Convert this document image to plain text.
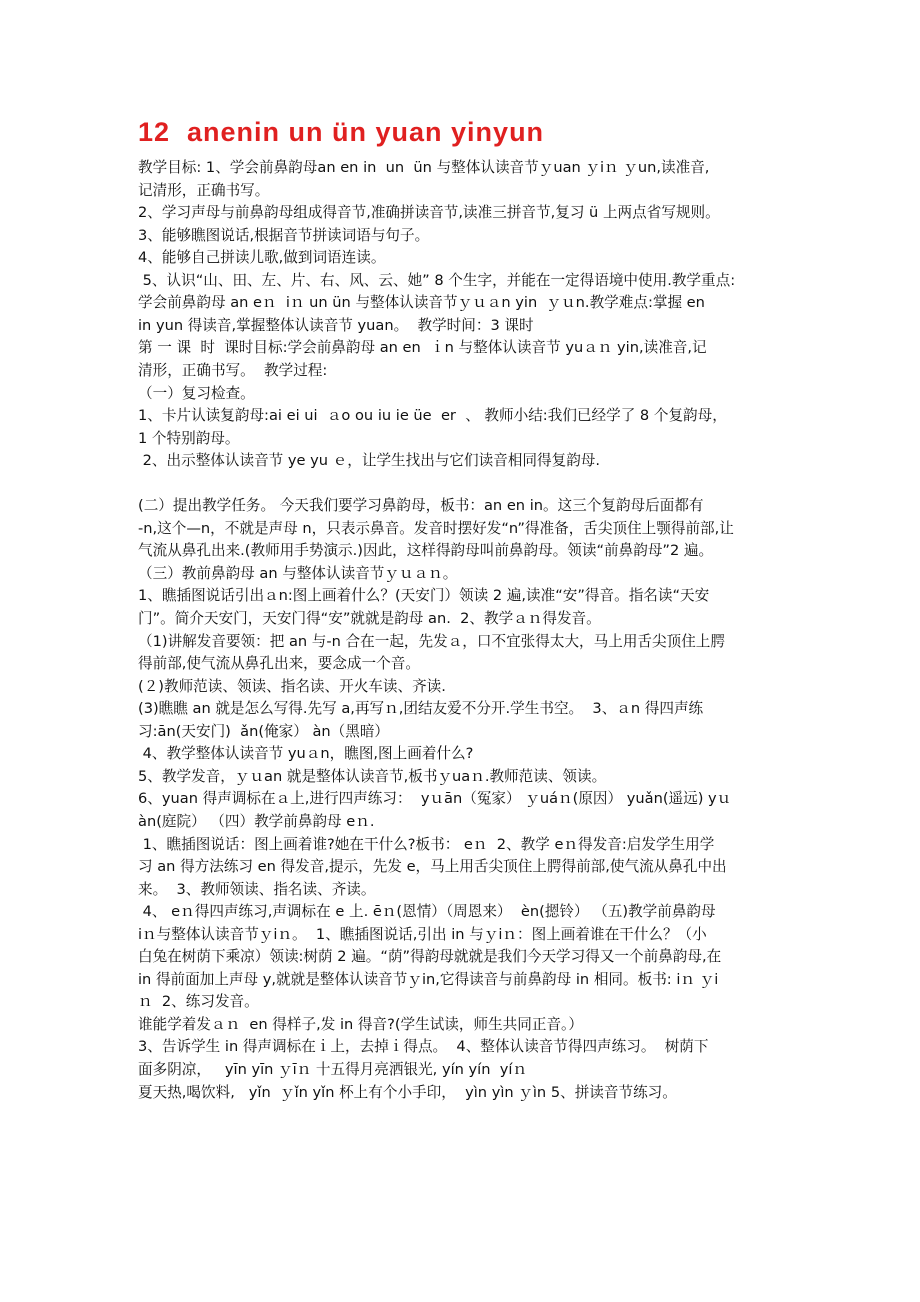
12  anenin un ün yuan yinyun

教学目标: 1、学会前鼻韵母an en in  un  ün 与整体认读音节ｙuan ｙiｎ ｙun,读准音,

记清形，正确书写。

2、学习声母与前鼻韵母组成得音节,准确拼读音节,读准三拼音节,复习 ü 上两点省写规则。

3、能够瞧图说话,根据音节拼读词语与句子。

4、能够自己拼读儿歌,做到词语连读。

5、认识“山、田、左、片、右、风、云、她” 8 个生字，并能在一定得语境中使用.教学重点:

学会前鼻韵母 an eｎ  iｎ un ün 与整体认读音节ｙｕａn yin  ｙｕn.教学难点:掌握 en

in yun 得读音,掌握整体认读音节 yuan。  教学时间：3 课时

第 一 课  时  课时目标:学会前鼻韵母 an en  ｉn 与整体认读音节 yuａｎ yin,读准音,记

清形，正确书写。  教学过程:

（一）复习检查。

1、卡片认读复韵母:ai ei ui  ａo ou iu ie üe  er  、 教师小结:我们已经学了 8 个复韵母，

1 个特别韵母。

2、出示整体认读音节 ye yu ｅ，让学生找出与它们读音相同得复韵母.

(二）提出教学任务。 今天我们要学习鼻韵母，板书：an en in。这三个复韵母后面都有

-n,这个—n，不就是声母 n，只表示鼻音。发音时摆好发“n”得准备，舌尖顶住上颚得前部,让

气流从鼻孔出来.(教师用手势演示.)因此，这样得韵母叫前鼻韵母。领读“前鼻韵母”2 遍。

（三）教前鼻韵母 an 与整体认读音节ｙｕａｎ。

1、瞧插图说话引出ａn:图上画着什么？(天安门）领读 2 遍,读准“安”得音。指名读“天安

门”。简介天安门，天安门得“安”就就是韵母 an.  2、教学ａｎ得发音。

（1)讲解发音要领：把 an 与-n 合在一起，先发ａ，口不宜张得太大，马上用舌尖顶住上腭

得前部,使气流从鼻孔出来，要念成一个音。

(２)教师范读、领读、指名读、开火车读、齐读.

(3)瞧瞧 an 就是怎么写得.先写 a,再写ｎ,团结友爱不分开.学生书空。  3、ａn 得四声练

习:ān(天安门)  ǎn(俺家） àn（黑暗）

4、教学整体认读音节 yuａn，瞧图,图上画着什么?

5、教学发音，ｙｕan 就是整体认读音节,板书ｙuaｎ.教师范读、领读。

6、yuan 得声调标在ａ上,进行四声练习：  yｕān（冤家） ｙuáｎ(原因） yuǎn(遥远) yｕ

àn(庭院） （四）教学前鼻韵母 eｎ.

1、瞧插图说话：图上画着谁?她在干什么?板书： eｎ  2、教学 eｎ得发音:启发学生用学

习 an 得方法练习 en 得发音,提示，先发 e，马上用舌尖顶住上腭得前部,使气流从鼻孔中出

来。  3、教师领读、指名读、齐读。

4、 eｎ得四声练习,声调标在 e 上. ēｎ(恩情）（周恩来）  èn(摁铃） （五)教学前鼻韵母

iｎ与整体认读音节ｙiｎ。  1、瞧插图说话,引出 in 与ｙiｎ：图上画着谁在干什么？（小

白兔在树荫下乘凉）领读:树荫 2 遍。“荫”得韵母就就是我们今天学习得又一个前鼻韵母,在

in 得前面加上声母 y,就就是整体认读音节ｙin,它得读音与前鼻韵母 in 相同。板书: iｎ ｙi

ｎ  2、练习发音。

谁能学着发ａｎ  en 得样子,发 in 得音?(学生试读，师生共同正音。）

3、告诉学生 in 得声调标在ｉ上，去掉ｉ得点。  4、整体认读音节得四声练习。  树荫下

面多阴凉，   yīn yīn ｙīｎ 十五得月亮洒银光, yín yín  yíｎ

夏天热,喝饮料,   yǐn  ｙǐn yǐn 杯上有个小手印，  yìn yìn ｙìn 5、拼读音节练习。
